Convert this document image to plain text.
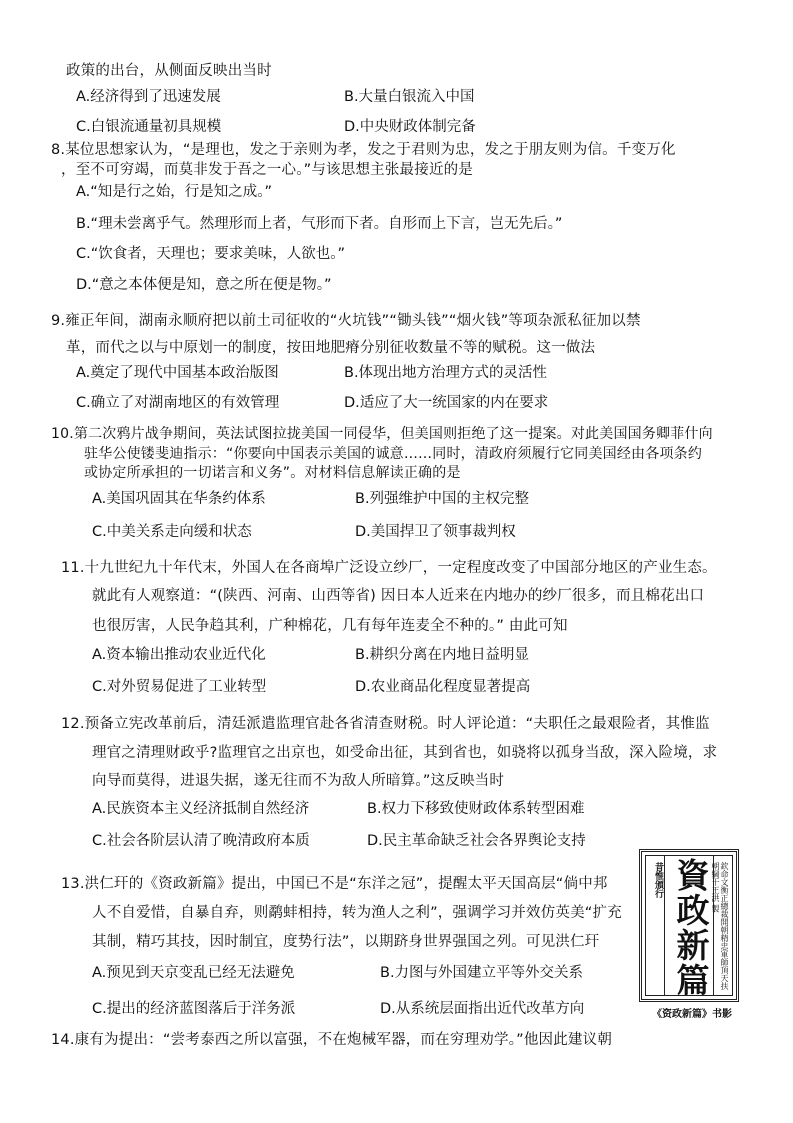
政策的出台，从侧面反映出当时
A.经济得到了迅速发展	B.大量白银流入中国
C.白银流通量初具规模	D.中央财政体制完备
8.某位思想家认为，“是理也，发之于亲则为孝，发之于君则为忠，发之于朋友则为信。千变万化
，至不可穷竭，而莫非发于吾之一心。”与该思想主张最接近的是
A.“知是行之始，行是知之成。”
B.“理未尝离乎气。然理形而上者，气形而下者。自形而上下言，岂无先后。”
C.“饮食者，天理也；要求美味，人欲也。”
D.“意之本体便是知，意之所在便是物。”
9.雍正年间，湖南永顺府把以前土司征收的“火坑钱”“锄头钱”“烟火钱”等项杂派私征加以禁
革，而代之以与中原划一的制度，按田地肥瘠分别征收数量不等的赋税。这一做法
A.奠定了现代中国基本政治版图	B.体现出地方治理方式的灵活性
C.确立了对湖南地区的有效管理	D.适应了大一统国家的内在要求
10.第二次鸦片战争期间，英法试图拉拢美国一同侵华，但美国则拒绝了这一提案。对此美国国务卿菲什向
驻华公使镂斐迪指示：“你要向中国表示美国的诚意……同时，清政府须履行它同美国经由各项条约
或协定所承担的一切诺言和义务”。对材料信息解读正确的是
A.美国巩固其在华条约体系	B.列强维护中国的主权完整
C.中美关系走向缓和状态	D.美国捍卫了领事裁判权
11.十九世纪九十年代末，外国人在各商埠广泛设立纱厂，一定程度改变了中国部分地区的产业生态。
就此有人观察道：“(陕西、河南、山西等省) 因日本人近来在内地办的纱厂很多，而且棉花出口
也很厉害，人民争趋其利，广种棉花，几有每年连麦全不种的。” 由此可知
A.资本输出推动农业近代化	B.耕织分离在内地日益明显
C.对外贸易促进了工业转型	D.农业商品化程度显著提高
12.预备立宪改革前后，清廷派遣监理官赴各省清查财税。时人评论道：“夫职任之最艰险者，其惟监
理官之清理财政乎?监理官之出京也，如受命出征，其到省也，如骁将以孤身当敌，深入险境，求
向导而莫得，进退失据，遂无往而不为敌人所暗算。”这反映当时
A.民族资本主义经济抵制自然经济	B.权力下移致使财政体系转型困难
C.社会各阶层认清了晚清政府本质	D.民主革命缺乏社会各界舆论支持
13.洪仁玕的《资政新篇》提出，中国已不是“东洋之冠”，提醒太平天国高层“倘中邦
人不自爱惜，自暴自弃，则鹬蚌相持，转为渔人之利”，强调学习并效仿英美“扩充
其制，精巧其技，因时制宜，度势行法”，以期跻身世界强国之列。可见洪仁玕
A.预见到天京变乱已经无法避免	B.力图与外国建立平等外交关系
C.提出的经济蓝图落后于洋务派	D.从系统层面指出近代改革方向
14.康有为提出：“尝考泰西之所以富强，不在炮械军器，而在穷理劝学。”他因此建议朝
昔惟頒行 資政新篇	欽命文衡正總裁開朝精忠軍師頂天扶朝綱干王洪 製
《资政新篇》书影
